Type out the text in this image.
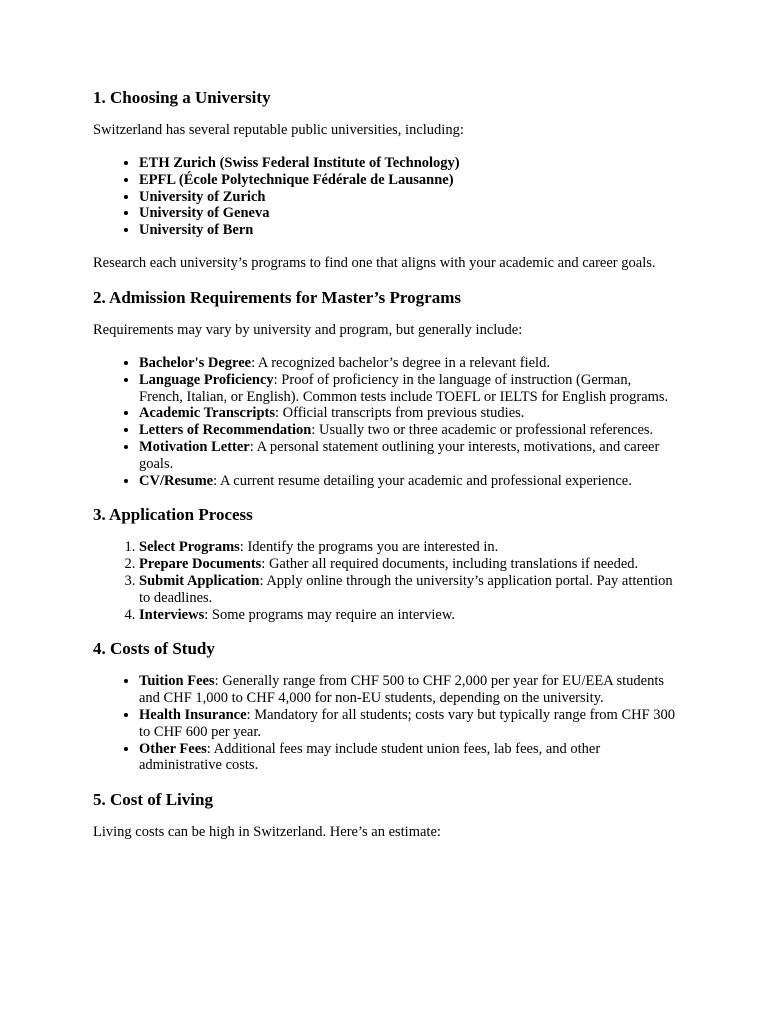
1. Choosing a University

Switzerland has several reputable public universities, including:

• ETH Zurich (Swiss Federal Institute of Technology)
• EPFL (École Polytechnique Fédérale de Lausanne)
• University of Zurich
• University of Geneva
• University of Bern

Research each university’s programs to find one that aligns with your academic and career goals.

2. Admission Requirements for Master’s Programs

Requirements may vary by university and program, but generally include:

• Bachelor's Degree: A recognized bachelor’s degree in a relevant field.
• Language Proficiency: Proof of proficiency in the language of instruction (German, French, Italian, or English). Common tests include TOEFL or IELTS for English programs.
• Academic Transcripts: Official transcripts from previous studies.
• Letters of Recommendation: Usually two or three academic or professional references.
• Motivation Letter: A personal statement outlining your interests, motivations, and career goals.
• CV/Resume: A current resume detailing your academic and professional experience.
3. Application Process
1. Select Programs: Identify the programs you are interested in.
2. Prepare Documents: Gather all required documents, including translations if needed.
3. Submit Application: Apply online through the university’s application portal. Pay attention to deadlines.
4. Interviews: Some programs may require an interview.
4. Costs of Study
• Tuition Fees: Generally range from CHF 500 to CHF 2,000 per year for EU/EEA students and CHF 1,000 to CHF 4,000 for non-EU students, depending on the university.
• Health Insurance: Mandatory for all students; costs vary but typically range from CHF 300 to CHF 600 per year.
• Other Fees: Additional fees may include student union fees, lab fees, and other administrative costs.
5. Cost of Living

Living costs can be high in Switzerland. Here’s an estimate:
